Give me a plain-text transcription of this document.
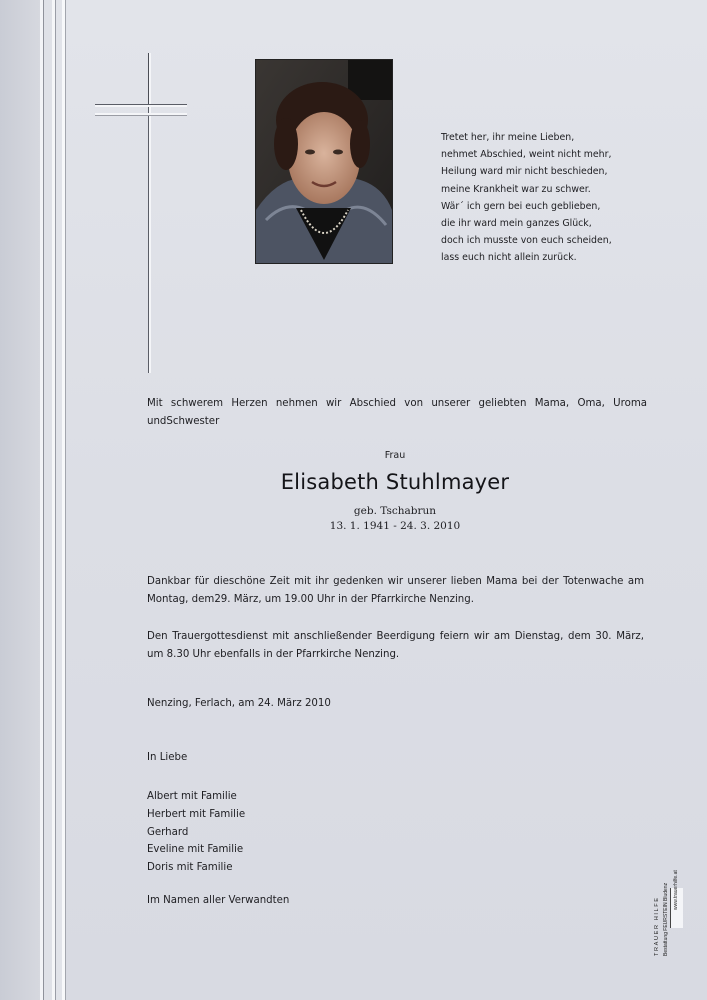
Tretet her, ihr meine Lieben,
nehmet Abschied, weint nicht mehr,
Heilung ward mir nicht beschieden,
meine Krankheit war zu schwer.
Wär´ ich gern bei euch geblieben,
die ihr ward mein ganzes Glück,
doch ich musste von euch scheiden,
lass euch nicht allein zurück.
Mit schwerem Herzen nehmen wir Abschied von unserer geliebten Mama, Oma, Uroma undSchwester
Frau
Elisabeth Stuhlmayer
geb. Tschabrun
13. 1. 1941 - 24. 3. 2010
Dankbar für dieschöne Zeit mit ihr gedenken wir unserer lieben Mama bei der Totenwache am Montag, dem29. März, um 19.00 Uhr in der Pfarrkirche Nenzing.
Den Trauergottesdienst mit anschließender Beerdigung feiern wir am Dienstag, dem 30. März, um 8.30 Uhr ebenfalls in der Pfarrkirche Nenzing.
Nenzing, Ferlach, am 24. März 2010
In Liebe
Albert mit Familie
Herbert mit Familie
Gerhard
Eveline mit Familie
Doris mit Familie
Im Namen aller Verwandten	TRAUER HILFE Bestattung FEURSTEIN Bludenz www.trauerhilfe.at
